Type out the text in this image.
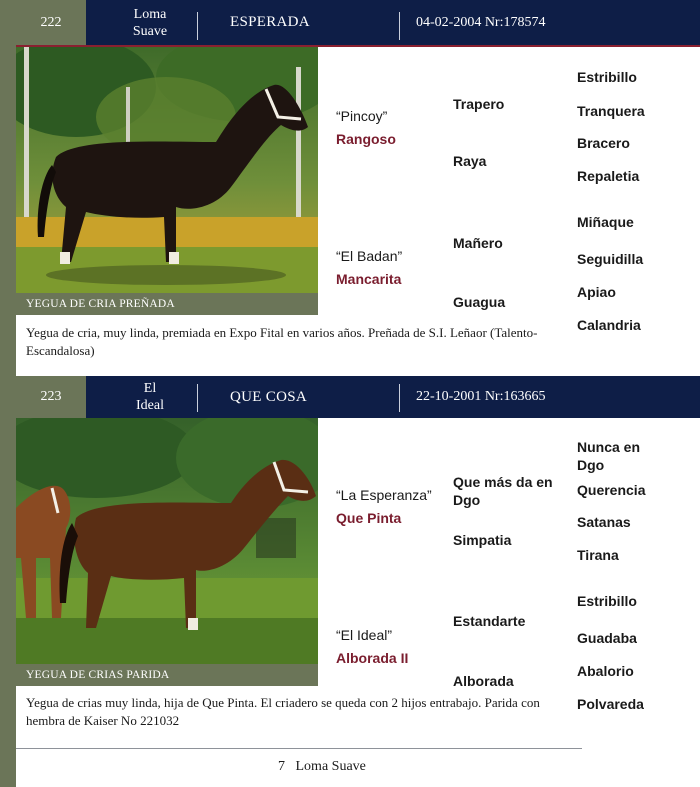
222
Loma
Suave
ESPERADA	04-02-2004 Nr:178574
YEGUA DE CRIA PREÑADA
“Pincoy”
Rangoso
“El Badan”
Mancarita
Trapero
Raya
Mañero
Guagua
Estribillo
Tranquera
Bracero
Repaletia
Miñaque
Seguidilla
Apiao
Calandria
Yegua de cria, muy linda, premiada en Expo Fital en varios años. Preñada de S.I. Leñaor (Talento-Escandalosa)
223
El
Ideal
QUE COSA	22-10-2001 Nr:163665
YEGUA DE CRIAS PARIDA
“La Esperanza”
Que Pinta
“El Ideal”
Alborada II
Que más da en Dgo
Simpatia
Estandarte
Alborada
Nunca en Dgo
Querencia
Satanas
Tirana
Estribillo
Guadaba
Abalorio
Polvareda
Yegua de crias muy linda, hija de Que Pinta. El criadero se queda con 2 hijos entrabajo. Parida con hembra de Kaiser No 221032
7 Loma Suave
